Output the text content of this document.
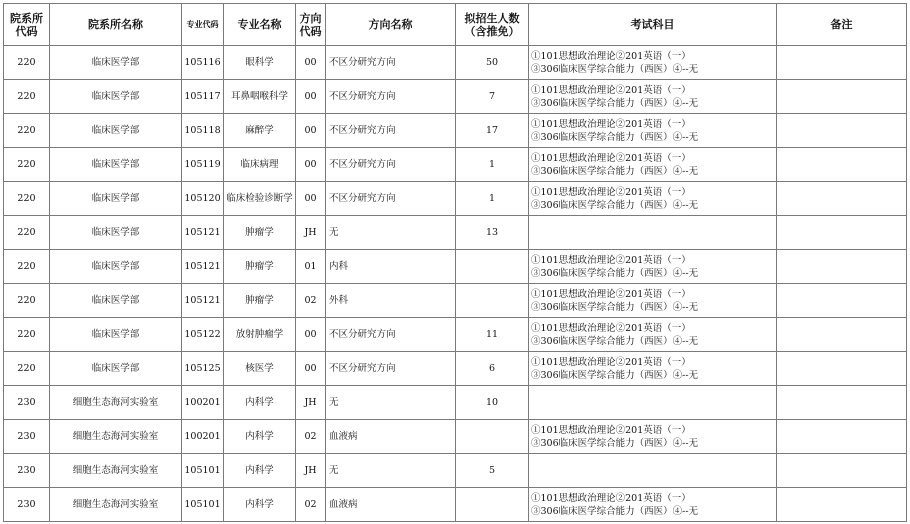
院系所代码	院系所名称	专业代码	专业名称	方向代码	方向名称	拟招生人数（含推免）	考试科目	备注
220	临床医学部	105116	眼科学	00	不区分研究方向	50	①101思想政治理论②201英语（一）
③306临床医学综合能力（西医）④--无	

220	临床医学部	105117	耳鼻咽喉科学	00	不区分研究方向	7	①101思想政治理论②201英语（一）
③306临床医学综合能力（西医）④--无	

220	临床医学部	105118	麻醉学	00	不区分研究方向	17	①101思想政治理论②201英语（一）
③306临床医学综合能力（西医）④--无	

220	临床医学部	105119	临床病理	00	不区分研究方向	1	①101思想政治理论②201英语（一）
③306临床医学综合能力（西医）④--无	

220	临床医学部	105120	临床检验诊断学	00	不区分研究方向	1	①101思想政治理论②201英语（一）
③306临床医学综合能力（西医）④--无	

220	临床医学部	105121	肿瘤学	JH	无	13	

220	临床医学部	105121	肿瘤学	01	内科		①101思想政治理论②201英语（一）
③306临床医学综合能力（西医）④--无	

220	临床医学部	105121	肿瘤学	02	外科		①101思想政治理论②201英语（一）
③306临床医学综合能力（西医）④--无	

220	临床医学部	105122	放射肿瘤学	00	不区分研究方向	11	①101思想政治理论②201英语（一）
③306临床医学综合能力（西医）④--无	

220	临床医学部	105125	核医学	00	不区分研究方向	6	①101思想政治理论②201英语（一）
③306临床医学综合能力（西医）④--无	

230	细胞生态海河实验室	100201	内科学	JH	无	10	

230	细胞生态海河实验室	100201	内科学	02	血液病		①101思想政治理论②201英语（一）
③306临床医学综合能力（西医）④--无	

230	细胞生态海河实验室	105101	内科学	JH	无	5	

230	细胞生态海河实验室	105101	内科学	02	血液病		①101思想政治理论②201英语（一）
③306临床医学综合能力（西医）④--无	
